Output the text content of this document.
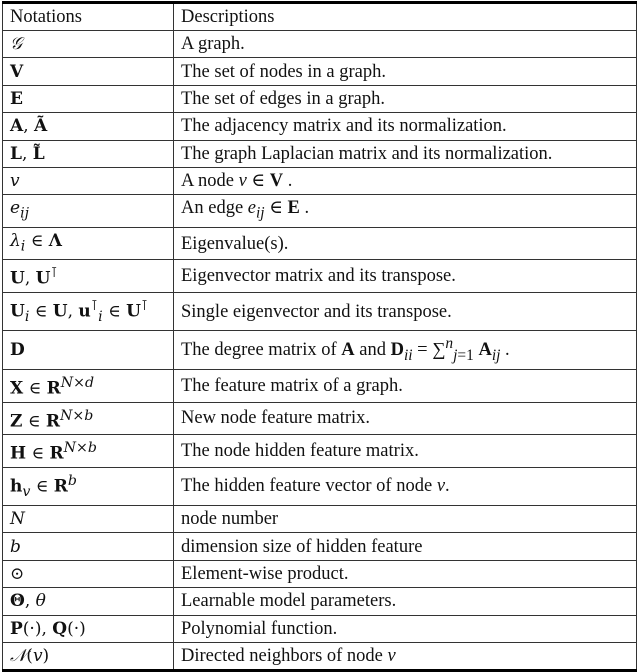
Notations	Descriptions
𝒢	A graph.
V	The set of nodes in a graph.
E	The set of edges in a graph.
A, Ã	The adjacency matrix and its normalization.
L, L̃	The graph Laplacian matrix and its normalization.
v	A node v ∈ V .
$e_{ij}$	An edge $e_{ij}$ ∈ E .
$\lambda_i$ ∈ Λ	Eigenvalue(s).
U, U⊺	Eigenvector matrix and its transpose.
$U_i$ ∈ U, $u^⊺_i$ ∈ U⊺	Single eigenvector and its transpose.
D	The degree matrix of A and $D_{ii} = \sum^n_{j=1}$ $A_{ij}$ .
X ∈ $R^{N\times d}$	The feature matrix of a graph.
Z ∈ $R^{N\times b}$	New node feature matrix.
H ∈ $R^{N\times b}$	The node hidden feature matrix.
$h_v$ ∈ $R^b$	The hidden feature vector of node v.
N	node number
b	dimension size of hidden feature
⊙	Element-wise product.
Θ, θ	Learnable model parameters.
P(·), Q(·)	Polynomial function.
𝒩(v)	Directed neighbors of node v
